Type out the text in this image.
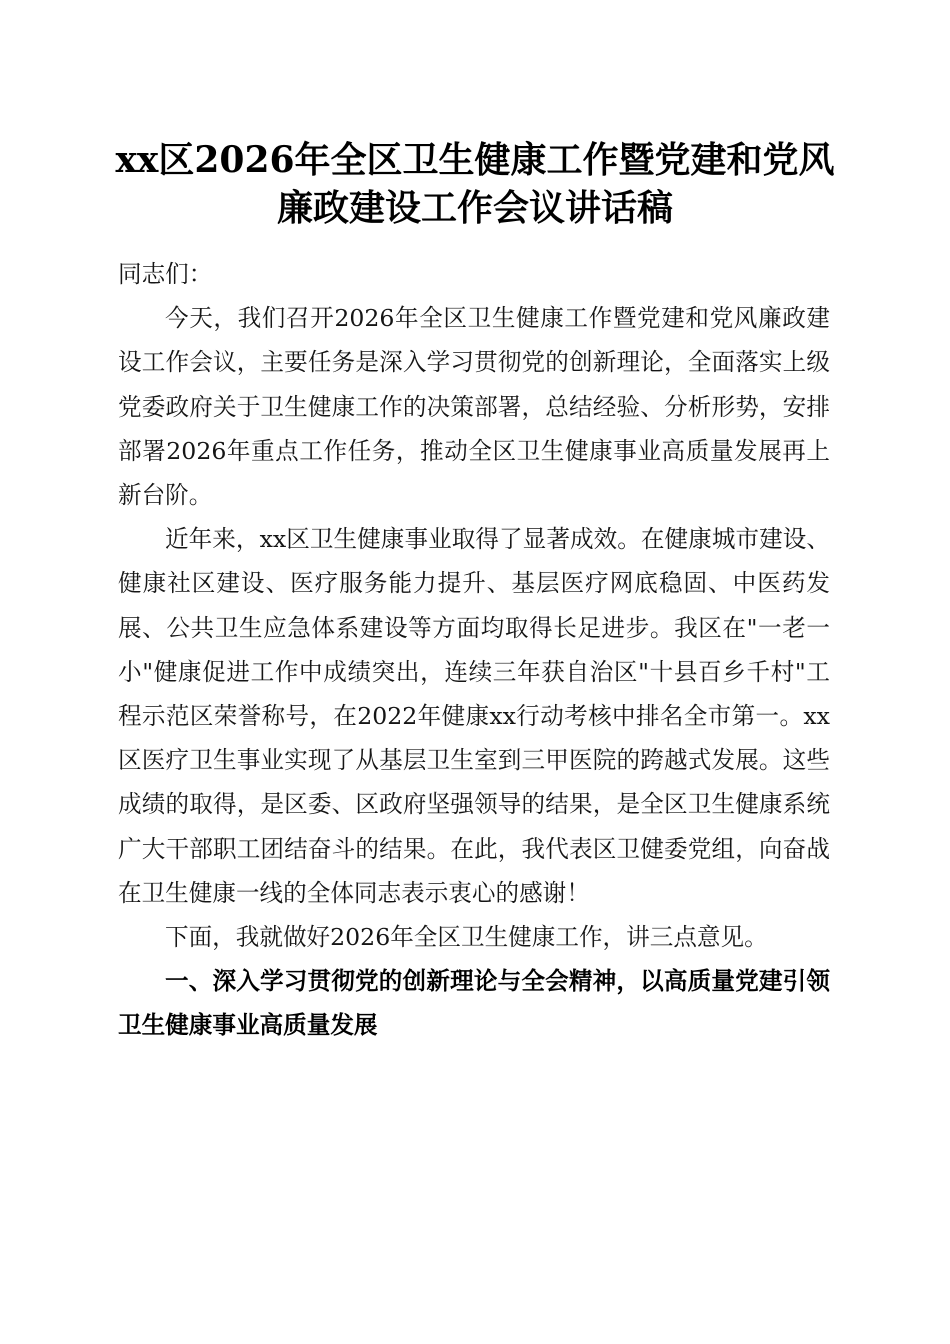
xx区2026年全区卫生健康工作暨党建和党风
廉政建设工作会议讲话稿

同志们：

今天，我们召开2026年全区卫生健康工作暨党建和党风廉政建设工作会议，主要任务是深入学习贯彻党的创新理论，全面落实上级党委政府关于卫生健康工作的决策部署，总结经验、分析形势，安排部署2026年重点工作任务，推动全区卫生健康事业高质量发展再上新台阶。

近年来，xx区卫生健康事业取得了显著成效。在健康城市建设、健康社区建设、医疗服务能力提升、基层医疗网底稳固、中医药发展、公共卫生应急体系建设等方面均取得长足进步。我区在"一老一小"健康促进工作中成绩突出，连续三年获自治区"十县百乡千村"工程示范区荣誉称号，在2022年健康xx行动考核中排名全市第一。xx区医疗卫生事业实现了从基层卫生室到三甲医院的跨越式发展。这些成绩的取得，是区委、区政府坚强领导的结果，是全区卫生健康系统广大干部职工团结奋斗的结果。在此，我代表区卫健委党组，向奋战在卫生健康一线的全体同志表示衷心的感谢！

下面，我就做好2026年全区卫生健康工作，讲三点意见。

一、深入学习贯彻党的创新理论与全会精神，以高质量党建引领卫生健康事业高质量发展
